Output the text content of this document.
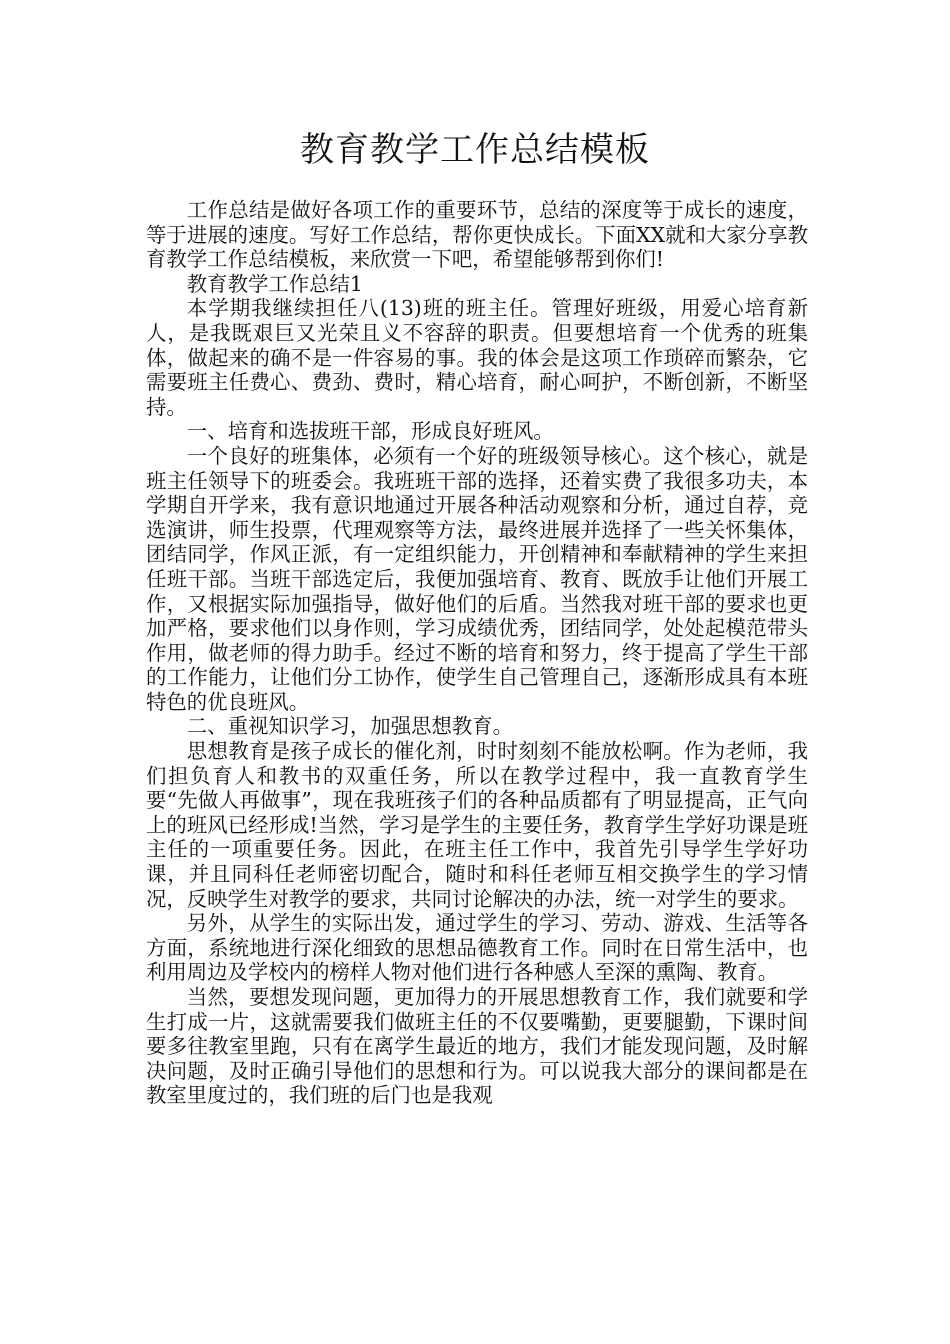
教育教学工作总结模板

工作总结是做好各项工作的重要环节，总结的深度等于成长的速度，等于进展的速度。写好工作总结，帮你更快成长。下面XX就和大家分享教育教学工作总结模板，来欣赏一下吧，希望能够帮到你们!

教育教学工作总结1

本学期我继续担任八(13)班的班主任。管理好班级，用爱心培育新人，是我既艰巨又光荣且义不容辞的职责。但要想培育一个优秀的班集体，做起来的确不是一件容易的事。我的体会是这项工作琐碎而繁杂，它需要班主任费心、费劲、费时，精心培育，耐心呵护，不断创新，不断坚持。

一、培育和选拔班干部，形成良好班风。

一个良好的班集体，必须有一个好的班级领导核心。这个核心，就是班主任领导下的班委会。我班班干部的选择，还着实费了我很多功夫，本学期自开学来，我有意识地通过开展各种活动观察和分析，通过自荐，竞选演讲，师生投票，代理观察等方法，最终进展并选择了一些关怀集体，团结同学，作风正派，有一定组织能力，开创精神和奉献精神的学生来担任班干部。当班干部选定后，我便加强培育、教育、既放手让他们开展工作，又根据实际加强指导，做好他们的后盾。当然我对班干部的要求也更加严格，要求他们以身作则，学习成绩优秀，团结同学，处处起模范带头作用，做老师的得力助手。经过不断的培育和努力，终于提高了学生干部的工作能力，让他们分工协作，使学生自己管理自己，逐渐形成具有本班特色的优良班风。

二、重视知识学习，加强思想教育。

思想教育是孩子成长的催化剂，时时刻刻不能放松啊。作为老师，我们担负育人和教书的双重任务，所以在教学过程中，我一直教育学生要“先做人再做事”，现在我班孩子们的各种品质都有了明显提高，正气向上的班风已经形成!当然，学习是学生的主要任务，教育学生学好功课是班主任的一项重要任务。因此，在班主任工作中，我首先引导学生学好功课，并且同科任老师密切配合，随时和科任老师互相交换学生的学习情况，反映学生对教学的要求，共同讨论解决的办法，统一对学生的要求。

另外，从学生的实际出发，通过学生的学习、劳动、游戏、生活等各方面，系统地进行深化细致的思想品德教育工作。同时在日常生活中，也利用周边及学校内的榜样人物对他们进行各种感人至深的熏陶、教育。

当然，要想发现问题，更加得力的开展思想教育工作，我们就要和学生打成一片，这就需要我们做班主任的不仅要嘴勤，更要腿勤，下课时间要多往教室里跑，只有在离学生最近的地方，我们才能发现问题，及时解决问题，及时正确引导他们的思想和行为。可以说我大部分的课间都是在教室里度过的，我们班的后门也是我观
